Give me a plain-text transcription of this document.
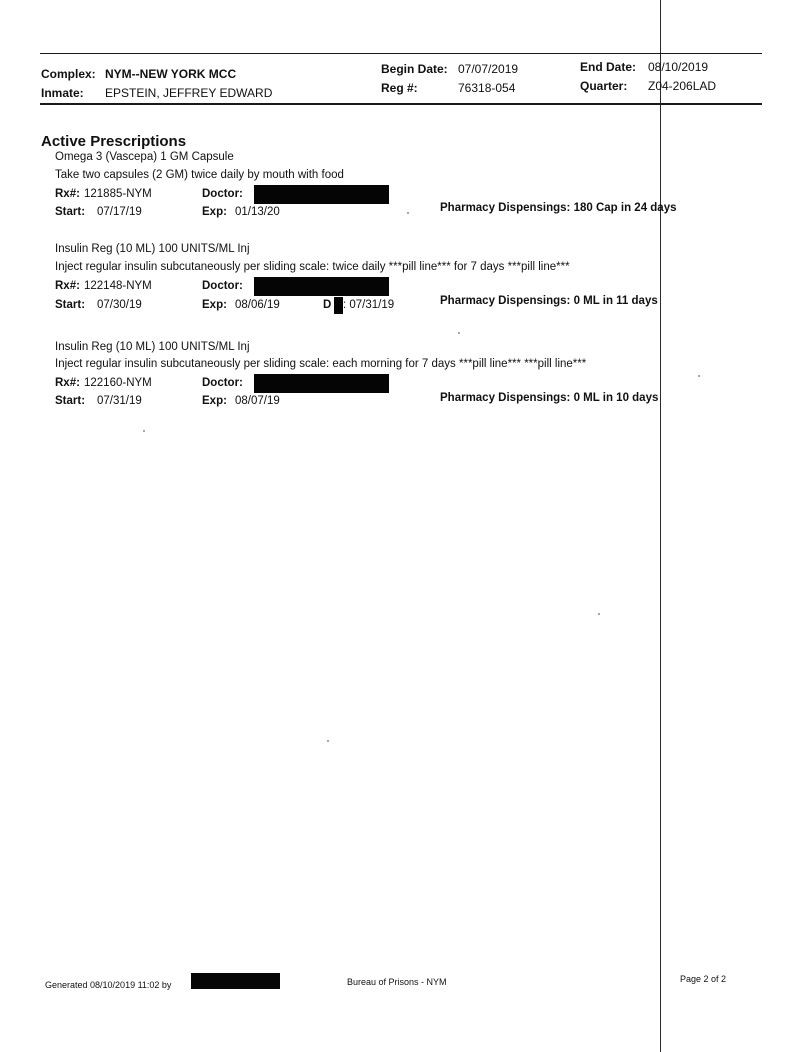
Complex: NYM--NEW YORK MCC	Begin Date: 07/07/2019	End Date: 08/10/2019
Inmate: EPSTEIN, JEFFREY EDWARD	Reg #:	76318-054	Quarter: Z04-206LAD
Active Prescriptions
Omega 3 (Vascepa) 1 GM Capsule
Take two capsules (2 GM) twice daily by mouth with food
Rx#: 121885-NYM	Doctor:
Start: 07/17/19	Exp: 01/13/20	Pharmacy Dispensings: 180 Cap in 24 days
Insulin Reg (10 ML) 100 UNITS/ML Inj
Inject regular insulin subcutaneously per sliding scale: twice daily ***pill line*** for 7 days ***pill line***
Rx#: 122148-NYM	Doctor:
Start: 07/30/19	Exp: 08/06/19	D : 07/31/19	Pharmacy Dispensings: 0 ML in 11 days
Insulin Reg (10 ML) 100 UNITS/ML Inj
Inject regular insulin subcutaneously per sliding scale: each morning for 7 days ***pill line*** ***pill line***
Rx#: 122160-NYM	Doctor:
Start: 07/31/19	Exp: 08/07/19	Pharmacy Dispensings: 0 ML in 10 days
Generated 08/10/2019 11:02 by	Bureau of Prisons - NYM	Page 2 of 2
